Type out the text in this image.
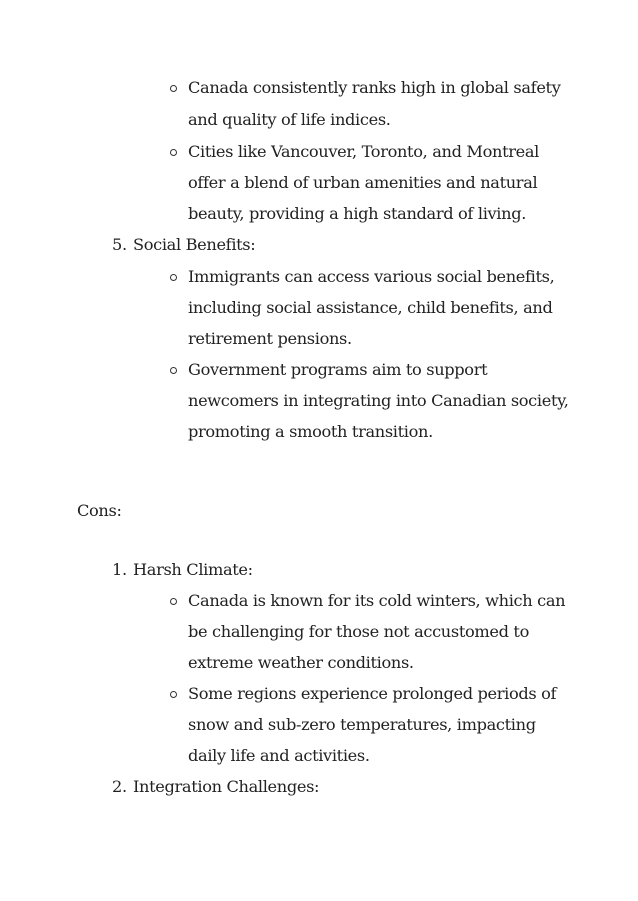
Canada consistently ranks high in global safety
and quality of life indices.
Cities like Vancouver, Toronto, and Montreal
offer a blend of urban amenities and natural
beauty, providing a high standard of living.
5. Social Benefits:
Immigrants can access various social benefits,
including social assistance, child benefits, and
retirement pensions.
Government programs aim to support
newcomers in integrating into Canadian society,
promoting a smooth transition.
Cons:
1. Harsh Climate:
Canada is known for its cold winters, which can
be challenging for those not accustomed to
extreme weather conditions.
Some regions experience prolonged periods of
snow and sub-zero temperatures, impacting
daily life and activities.
2. Integration Challenges:
